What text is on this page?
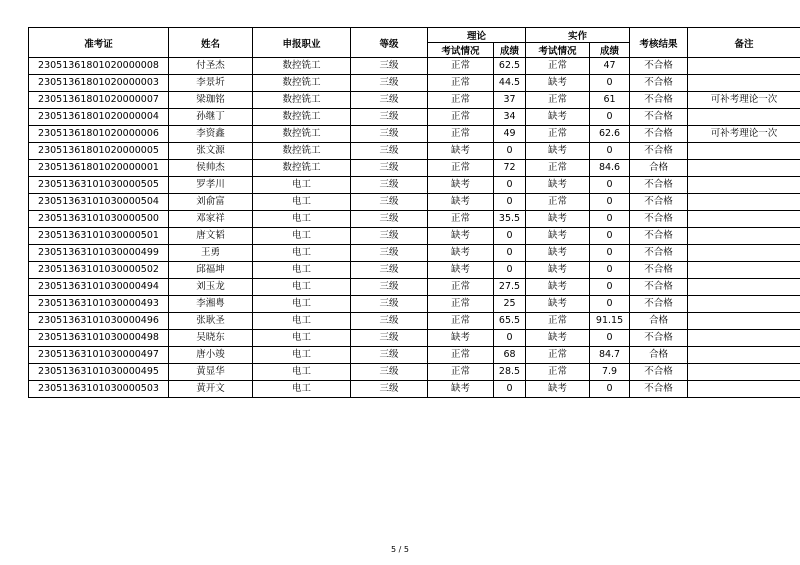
准考证	姓名	申报职业	等级	理论		实作		考核结果	备注
				考试情况	成绩	考试情况	成绩		
23051361801020000008	付圣杰	数控铣工	三级	正常	62.5	正常	47	不合格	
23051361801020000003	李景圻	数控铣工	三级	正常	44.5	缺考	0	不合格	
23051361801020000007	梁珈铭	数控铣工	三级	正常	37	正常	61	不合格	可补考理论一次
23051361801020000004	孙继丁	数控铣工	三级	正常	34	缺考	0	不合格	
23051361801020000006	李资鑫	数控铣工	三级	正常	49	正常	62.6	不合格	可补考理论一次
23051361801020000005	张文源	数控铣工	三级	缺考	0	缺考	0	不合格	
23051361801020000001	侯帅杰	数控铣工	三级	正常	72	正常	84.6	合格	
23051363101030000505	罗孝川	电工	三级	缺考	0	缺考	0	不合格	
23051363101030000504	刘俞富	电工	三级	缺考	0	正常	0	不合格	
23051363101030000500	邓家祥	电工	三级	正常	35.5	缺考	0	不合格	
23051363101030000501	唐文韬	电工	三级	缺考	0	缺考	0	不合格	
23051363101030000499	王勇	电工	三级	缺考	0	缺考	0	不合格	
23051363101030000502	邱福坤	电工	三级	缺考	0	缺考	0	不合格	
23051363101030000494	刘玉龙	电工	三级	正常	27.5	缺考	0	不合格	
23051363101030000493	李湘粤	电工	三级	正常	25	缺考	0	不合格	
23051363101030000496	张耿圣	电工	三级	正常	65.5	正常	91.15	合格	
23051363101030000498	吴晓东	电工	三级	缺考	0	缺考	0	不合格	
23051363101030000497	唐小竣	电工	三级	正常	68	正常	84.7	合格	
23051363101030000495	黄显华	电工	三级	正常	28.5	正常	7.9	不合格	
23051363101030000503	黄开文	电工	三级	缺考	0	缺考	0	不合格	
5 / 5
